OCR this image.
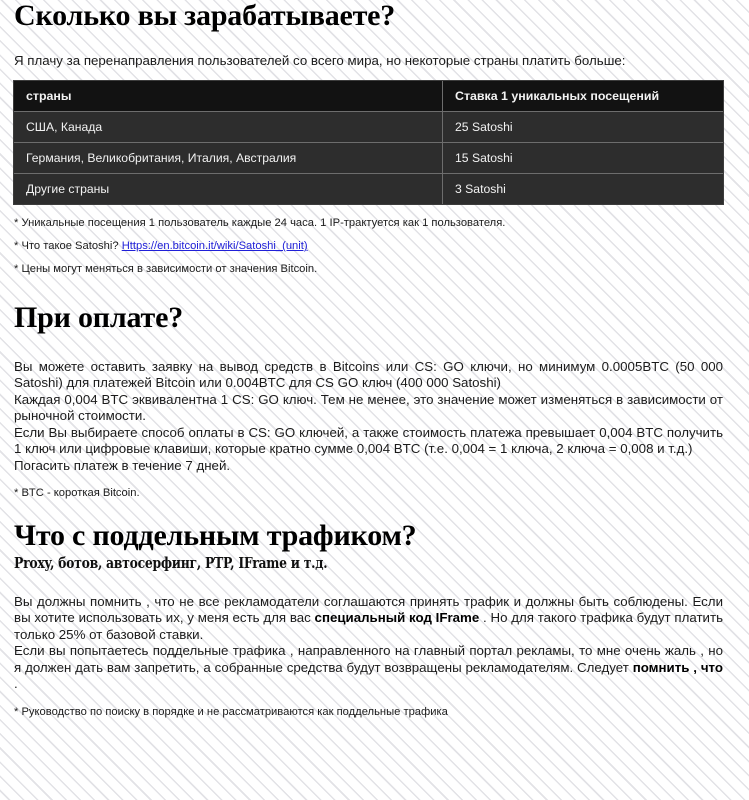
Сколько вы зарабатываете?

Я плачу за перенаправления пользователей со всего мира, но некоторые страны платить больше:

страны	Ставка 1 уникальных посещений
США, Канада	25 Satoshi
Германия, Великобритания, Италия, Австралия	15 Satoshi
Другие страны	3 Satoshi

* Уникальные посещения 1 пользователь каждые 24 часа. 1 IP-трактуется как 1 пользователя.

* Что такое Satoshi? Https://en.bitcoin.it/wiki/Satoshi_(unit)

* Цены могут меняться в зависимости от значения Bitcoin.

При оплате?

Вы можете оставить заявку на вывод средств в Bitcoins или CS: GO ключи, но минимум 0.0005BTC (50 000 Satoshi) для платежей Bitcoin или 0.004BTC для CS GO ключ (400 000 Satoshi)

Каждая 0,004 BTC эквивалентна 1 CS: GO ключ. Тем не менее, это значение может изменяться в зависимости от рыночной стоимости.

Если Вы выбираете способ оплаты в CS: GO ключей, а также стоимость платежа превышает 0,004 BTC получить 1 ключ или цифровые клавиши, которые кратно сумме 0,004 BTC (т.е. 0,004 = 1 ключа, 2 ключа = 0,008 и т.д.)

Погасить платеж в течение 7 дней.

* BTC - короткая Bitcoin.

Что с поддельным трафиком?
Proxy, ботов, автосерфинг, PTP, IFrame и т.д.

Вы должны помнить , что не все рекламодатели соглашаются принять трафик и должны быть соблюдены. Если вы хотите использовать их, у меня есть для вас специальный код IFrame . Но для такого трафика будут платить только 25% от базовой ставки.

Если вы попытаетесь поддельные трафика , направленного на главный портал рекламы, то мне очень жаль , но я должен дать вам запретить, а собранные средства будут возвращены рекламодателям. Следует помнить , что .

* Руководство по поиску в порядке и не рассматриваются как поддельные трафика
